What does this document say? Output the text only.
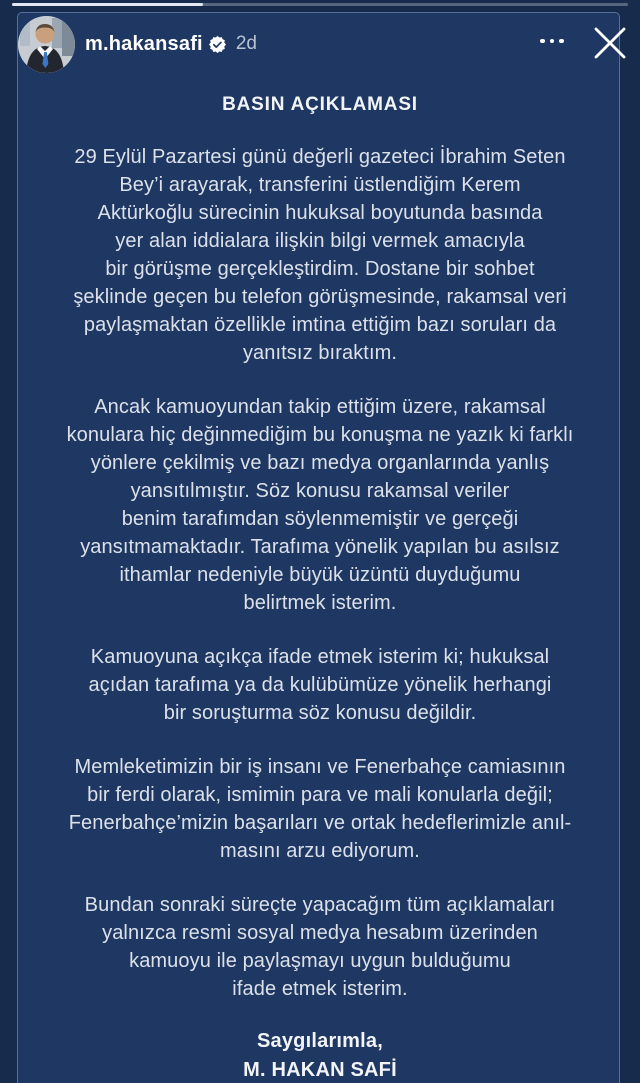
m.hakansafi 2d
BASIN AÇIKLAMASI

29 Eylül Pazartesi günü değerli gazeteci İbrahim Seten
Bey’i arayarak, transferini üstlendiğim Kerem
Aktürkoğlu sürecinin hukuksal boyutunda basında
yer alan iddialara ilişkin bilgi vermek amacıyla
bir görüşme gerçekleştirdim. Dostane bir sohbet
şeklinde geçen bu telefon görüşmesinde, rakamsal veri
paylaşmaktan özellikle imtina ettiğim bazı soruları da
yanıtsız bıraktım.

Ancak kamuoyundan takip ettiğim üzere, rakamsal
konulara hiç değinmediğim bu konuşma ne yazık ki farklı
yönlere çekilmiş ve bazı medya organlarında yanlış
yansıtılmıştır. Söz konusu rakamsal veriler
benim tarafımdan söylenmemiştir ve gerçeği
yansıtmamaktadır. Tarafıma yönelik yapılan bu asılsız
ithamlar nedeniyle büyük üzüntü duyduğumu
belirtmek isterim.

Kamuoyuna açıkça ifade etmek isterim ki; hukuksal
açıdan tarafıma ya da kulübümüze yönelik herhangi
bir soruşturma söz konusu değildir.

Memleketimizin bir iş insanı ve Fenerbahçe camiasının
bir ferdi olarak, ismimin para ve mali konularla değil;
Fenerbahçe’mizin başarıları ve ortak hedeflerimizle anıl-
masını arzu ediyorum.

Bundan sonraki süreçte yapacağım tüm açıklamaları
yalnızca resmi sosyal medya hesabım üzerinden
kamuoyu ile paylaşmayı uygun bulduğumu
ifade etmek isterim.

Saygılarımla,
M. HAKAN SAFİ
